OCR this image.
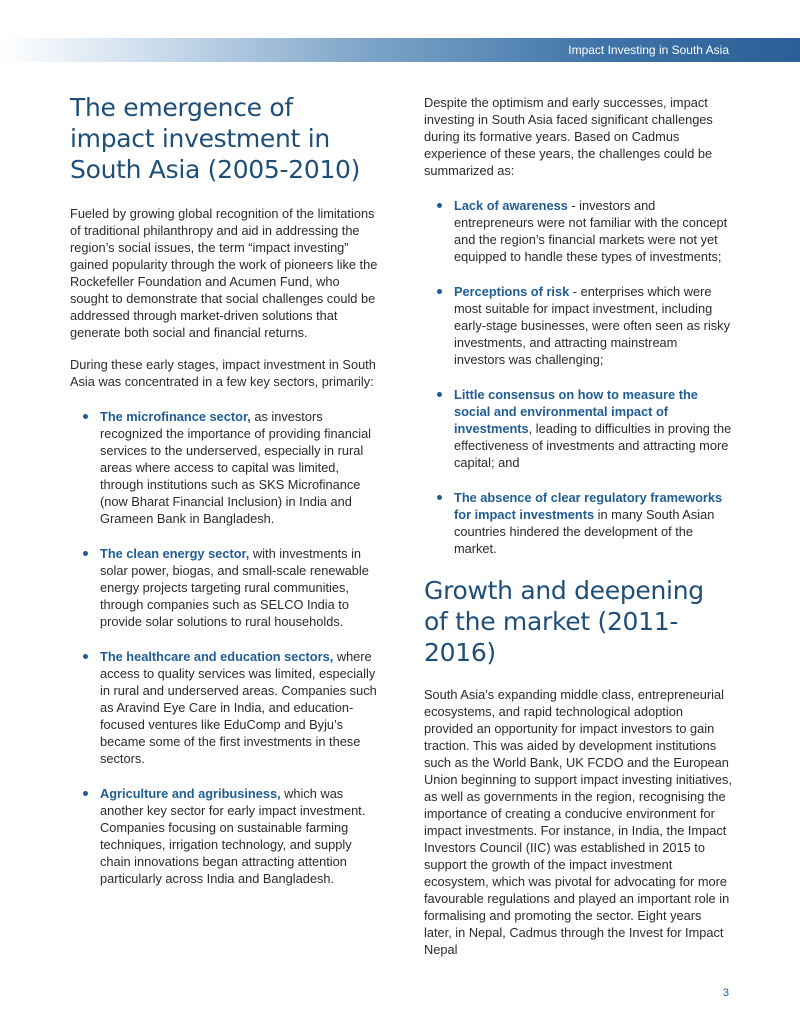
Impact Investing in South Asia
The emergence of impact investment in South Asia (2005-2010)

Fueled by growing global recognition of the limitations of traditional philanthropy and aid in addressing the region’s social issues, the term “impact investing” gained popularity through the work of pioneers like the Rockefeller Foundation and Acumen Fund, who sought to demonstrate that social challenges could be addressed through market-driven solutions that generate both social and financial returns.

During these early stages, impact investment in South Asia was concentrated in a few key sectors, primarily:

The microfinance sector, as investors recognized the importance of providing financial services to the underserved, especially in rural areas where access to capital was limited, through institutions such as SKS Microfinance (now Bharat Financial Inclusion) in India and Grameen Bank in Bangladesh.
The clean energy sector, with investments in solar power, biogas, and small-scale renewable energy projects targeting rural communities, through companies such as SELCO India to provide solar solutions to rural households.
The healthcare and education sectors, where access to quality services was limited, especially in rural and underserved areas. Companies such as Aravind Eye Care in India, and education-focused ventures like EduComp and Byju’s became some of the first investments in these sectors.
Agriculture and agribusiness, which was another key sector for early impact investment. Companies focusing on sustainable farming techniques, irrigation technology, and supply chain innovations began attracting attention particularly across India and Bangladesh.

Despite the optimism and early successes, impact investing in South Asia faced significant challenges during its formative years. Based on Cadmus experience of these years, the challenges could be summarized as:

Lack of awareness - investors and entrepreneurs were not familiar with the concept and the region’s financial markets were not yet equipped to handle these types of investments;
Perceptions of risk - enterprises which were most suitable for impact investment, including early-stage businesses, were often seen as risky investments, and attracting mainstream investors was challenging;
Little consensus on how to measure the social and environmental impact of investments, leading to difficulties in proving the effectiveness of investments and attracting more capital; and
The absence of clear regulatory frameworks for impact investments in many South Asian countries hindered the development of the market.
Growth and deepening of the market (2011-2016)

South Asia’s expanding middle class, entrepreneurial ecosystems, and rapid technological adoption provided an opportunity for impact investors to gain traction. This was aided by development institutions such as the World Bank, UK FCDO and the European Union beginning to support impact investing initiatives, as well as governments in the region, recognising the importance of creating a conducive environment for impact investments. For instance, in India, the Impact Investors Council (IIC) was established in 2015 to support the growth of the impact investment ecosystem, which was pivotal for advocating for more favourable regulations and played an important role in formalising and promoting the sector. Eight years later, in Nepal, Cadmus through the Invest for Impact Nepal

3
